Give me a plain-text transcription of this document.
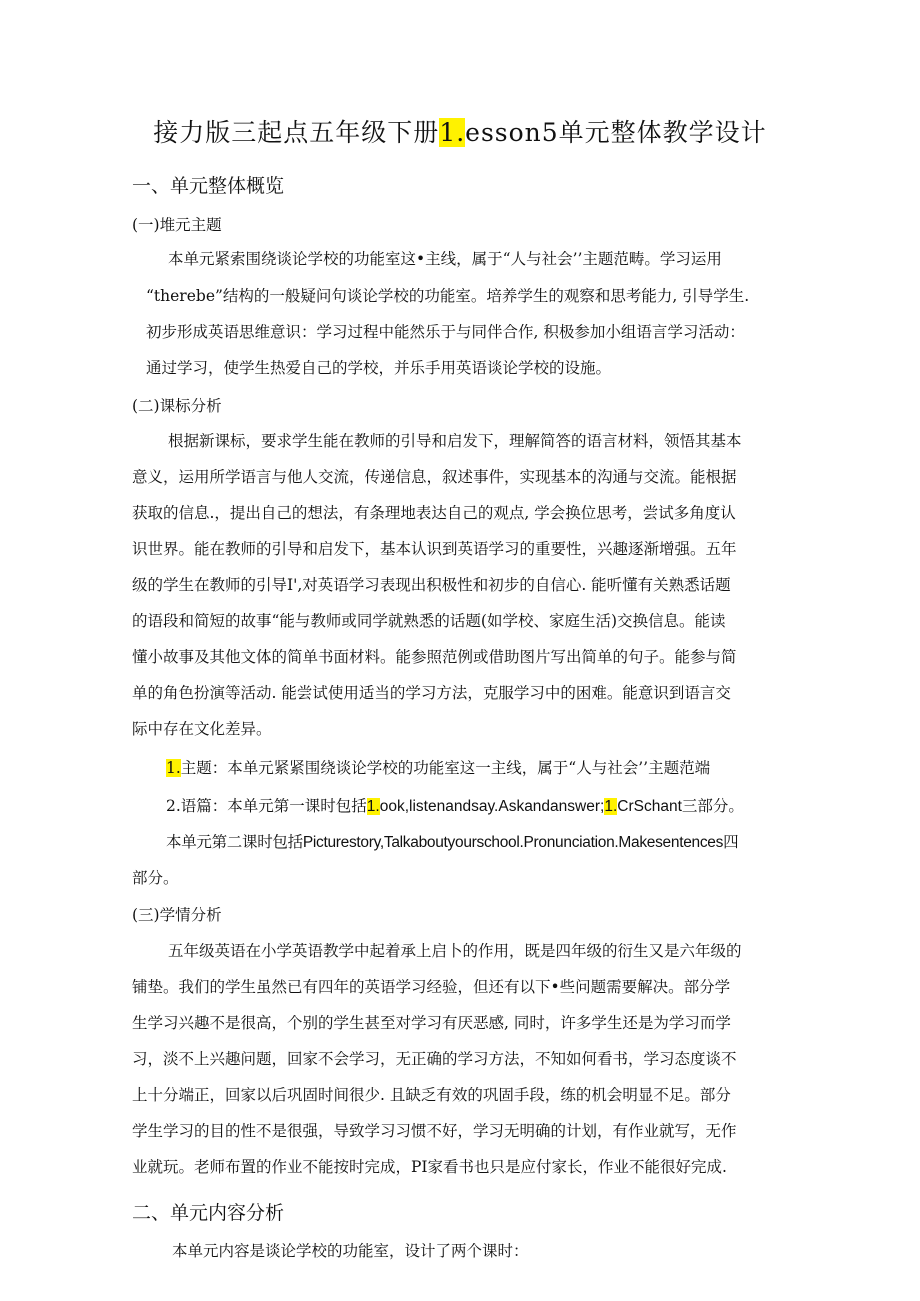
接力版三起点五年级下册1.esson5单元整体教学设计
一、单元整体概览
(一)堆元主题
本单元紧索围绕谈论学校的功能室这•主线，属于“人与社会’’主题范畴。学习运用
“therebe”结构的一般疑问句谈论学校的功能室。培养学生的观察和思考能力, 引导学生.
初步形成英语思维意识：学习过程中能然乐于与同伴合作, 积极参加小组语言学习活动：
通过学习，使学生热爱自己的学校，并乐手用英语谈论学校的设施。
(二)课标分析
根据新课标，要求学生能在教师的引导和启发下，理解简答的语言材料，领悟其基本
意义，运用所学语言与他人交流，传递信息，叙述事件，实现基本的沟通与交流。能根据
获取的信息.，提出自己的想法，有条理地表达自己的观点, 学会换位思考，尝试多角度认
识世界。能在教师的引导和启发下，基本认识到英语学习的重要性，兴趣逐渐增强。五年
级的学生在教师的引导I',对英语学习表现出积极性和初步的自信心. 能听懂有关熟悉话题
的语段和简短的故事“能与教师或同学就熟悉的话题(如学校、家庭生活)交换信息。能读
懂小故事及其他文体的简单书面材料。能参照范例或借助图片写出简单的句子。能参与简
单的角色扮演等活动. 能尝试使用适当的学习方法，克服学习中的困难。能意识到语言交
际中存在文化差异。
1.主题：本单元紧紧围绕谈论学校的功能室这一主线，属于“人与社会’’主题范端
2.语篇：本单元第一课时包括1.ook,listenandsay.Askandanswer;1.CrSchant三部分。
本单元第二课时包括Picturestory,Talkaboutyourschool.Pronunciation.Makesentences四
部分。
(三)学情分析
五年级英语在小学英语教学中起着承上启卜的作用，既是四年级的衍生又是六年级的
铺垫。我们的学生虽然已有四年的英语学习经验，但还有以下•些问题需要解决。部分学
生学习兴趣不是很高，个别的学生甚至对学习有厌恶感, 同时，许多学生还是为学习而学
习，淡不上兴趣问题，回家不会学习，无正确的学习方法，不知如何看书，学习态度谈不
上十分端正，回家以后巩固时间很少. 且缺乏有效的巩固手段，练的机会明显不足。部分
学生学习的目的性不是很强，导致学习习惯不好，学习无明确的计划，有作业就写，无作
业就玩。老师布置的作业不能按时完成，PI家看书也只是应付家长，作业不能很好完成.
二、单元内容分析
本单元内容是谈论学校的功能室，设计了两个课时：
